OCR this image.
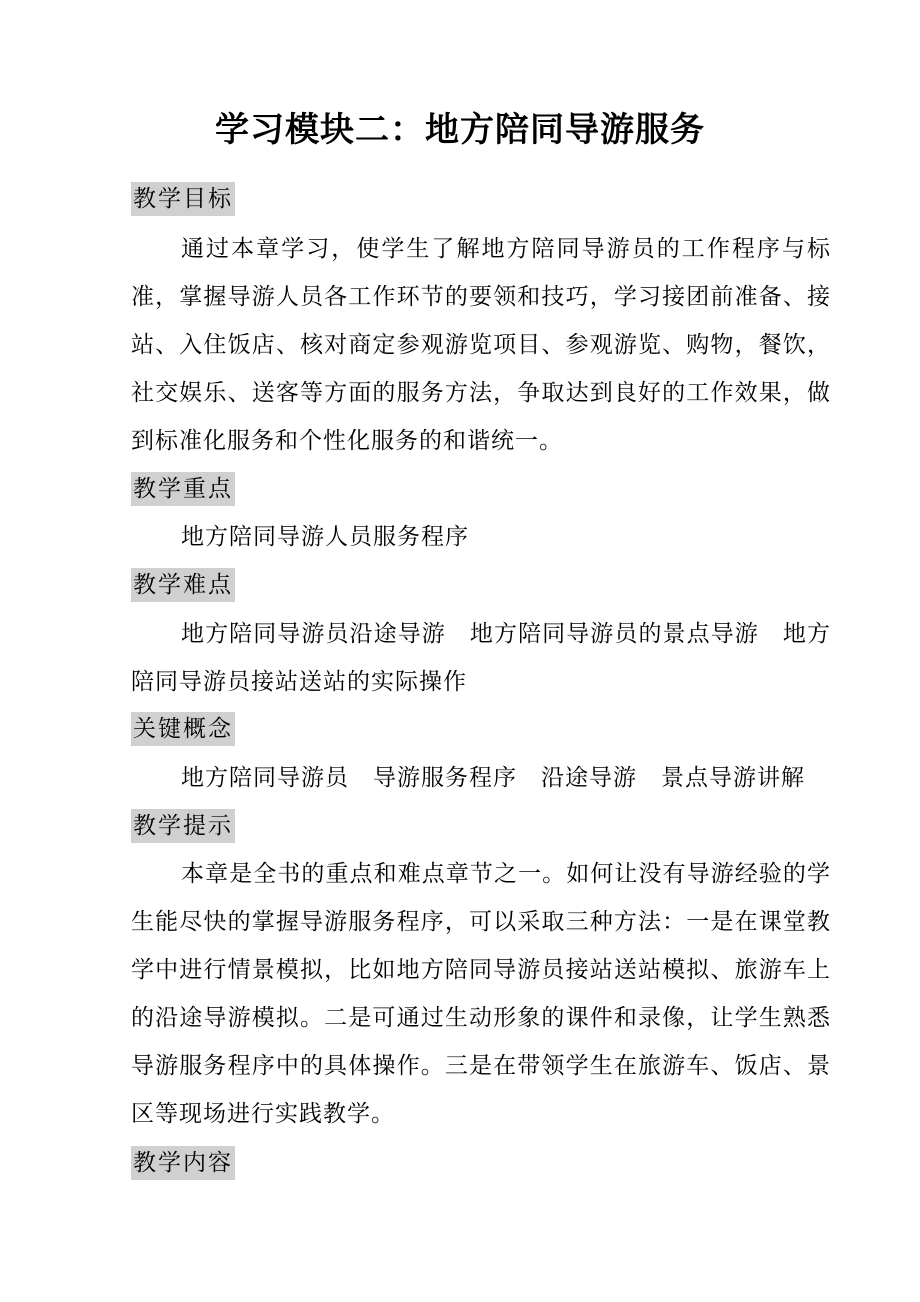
学习模块二：地方陪同导游服务
教学目标

通过本章学习，使学生了解地方陪同导游员的工作程序与标准，掌握导游人员各工作环节的要领和技巧，学习接团前准备、接站、入住饭店、核对商定参观游览项目、参观游览、购物，餐饮，社交娱乐、送客等方面的服务方法，争取达到良好的工作效果，做到标准化服务和个性化服务的和谐统一。

教学重点

地方陪同导游人员服务程序

教学难点

地方陪同导游员沿途导游　地方陪同导游员的景点导游　地方陪同导游员接站送站的实际操作

关键概念

地方陪同导游员　导游服务程序　沿途导游　景点导游讲解

教学提示

本章是全书的重点和难点章节之一。如何让没有导游经验的学生能尽快的掌握导游服务程序，可以采取三种方法：一是在课堂教学中进行情景模拟，比如地方陪同导游员接站送站模拟、旅游车上的沿途导游模拟。二是可通过生动形象的课件和录像，让学生熟悉导游服务程序中的具体操作。三是在带领学生在旅游车、饭店、景区等现场进行实践教学。

教学内容
